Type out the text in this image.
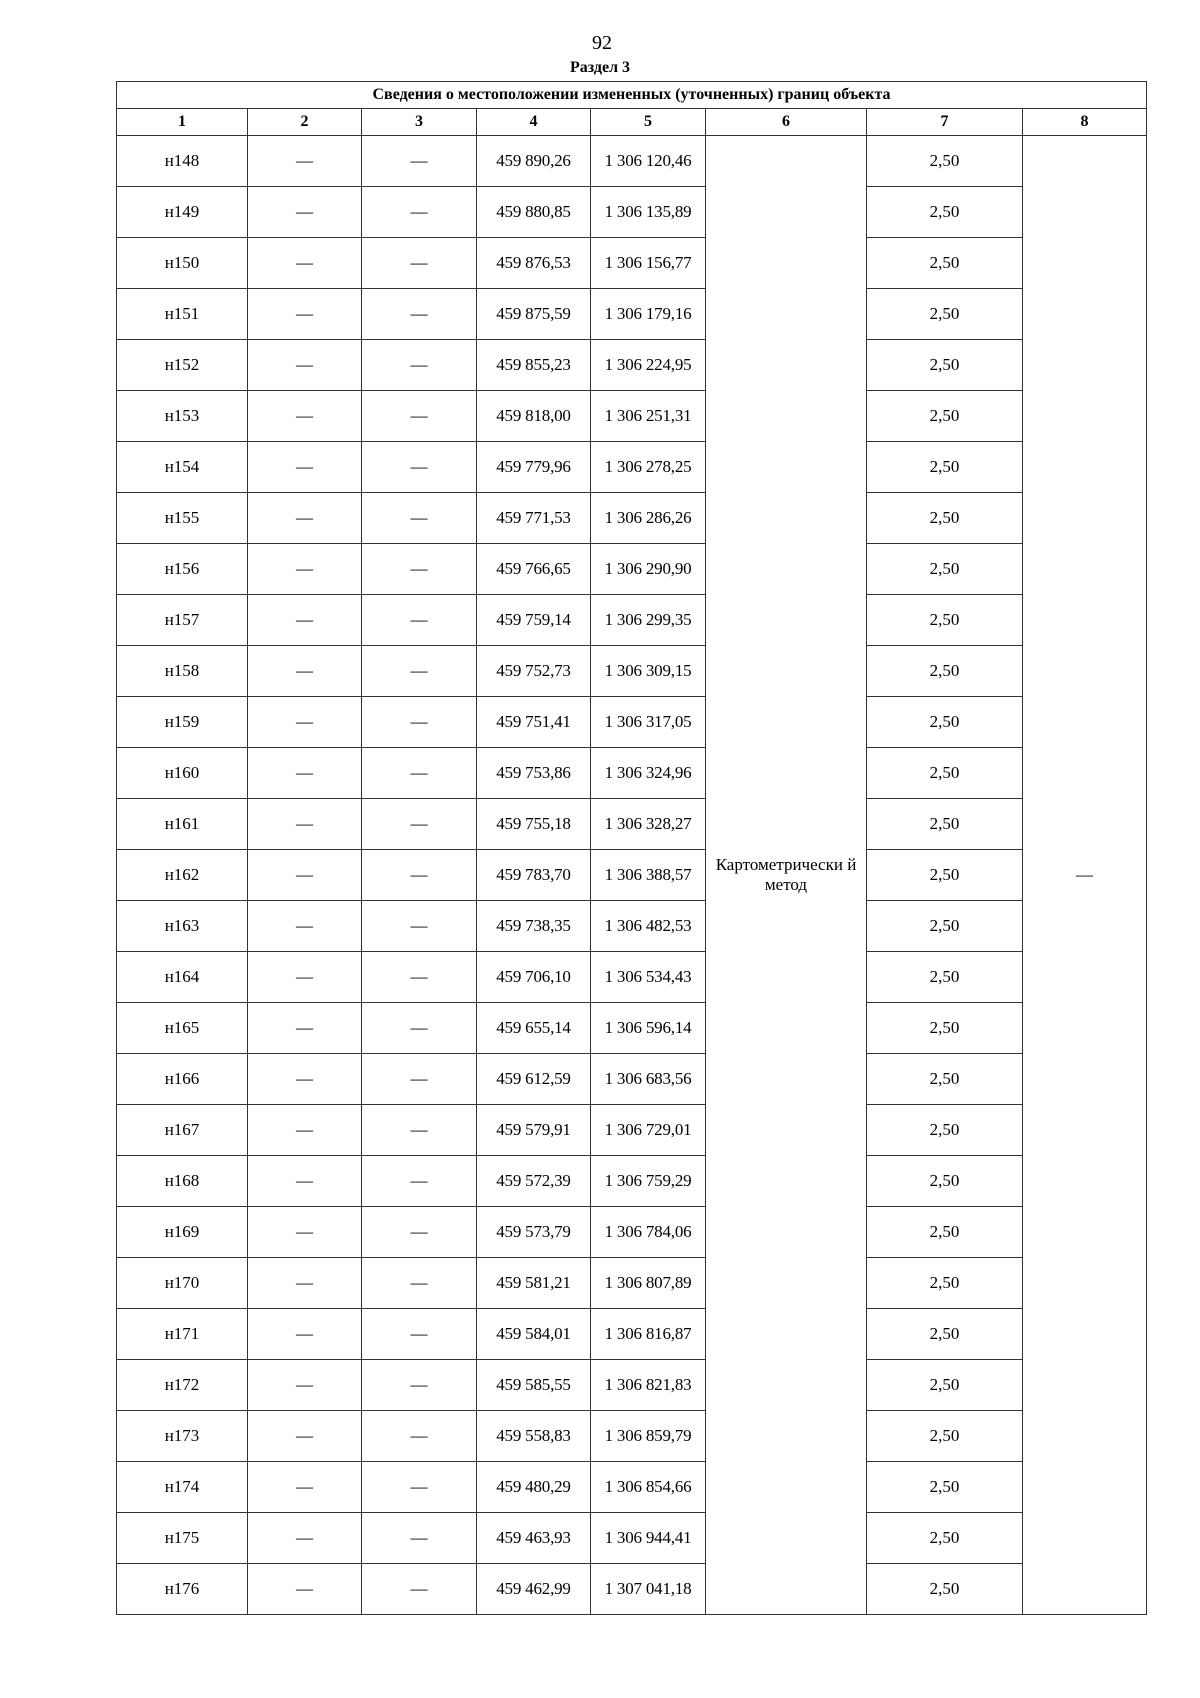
92
Раздел 3
Сведения о местоположении измененных (уточненных) границ объекта							
1	2	3	4	5	6	7	8
н148	—	—	459 890,26	1 306 120,46	Картометрически й метод	2,50	—
н149	—	—	459 880,85	1 306 135,89		2,50	
н150	—	—	459 876,53	1 306 156,77		2,50	
н151	—	—	459 875,59	1 306 179,16		2,50	
н152	—	—	459 855,23	1 306 224,95		2,50	
н153	—	—	459 818,00	1 306 251,31		2,50	
н154	—	—	459 779,96	1 306 278,25		2,50	
н155	—	—	459 771,53	1 306 286,26		2,50	
н156	—	—	459 766,65	1 306 290,90		2,50	
н157	—	—	459 759,14	1 306 299,35		2,50	
н158	—	—	459 752,73	1 306 309,15		2,50	
н159	—	—	459 751,41	1 306 317,05		2,50	
н160	—	—	459 753,86	1 306 324,96		2,50	
н161	—	—	459 755,18	1 306 328,27		2,50	
н162	—	—	459 783,70	1 306 388,57		2,50	
н163	—	—	459 738,35	1 306 482,53		2,50	
н164	—	—	459 706,10	1 306 534,43		2,50	
н165	—	—	459 655,14	1 306 596,14		2,50	
н166	—	—	459 612,59	1 306 683,56		2,50	
н167	—	—	459 579,91	1 306 729,01		2,50	
н168	—	—	459 572,39	1 306 759,29		2,50	
н169	—	—	459 573,79	1 306 784,06		2,50	
н170	—	—	459 581,21	1 306 807,89		2,50	
н171	—	—	459 584,01	1 306 816,87		2,50	
н172	—	—	459 585,55	1 306 821,83		2,50	
н173	—	—	459 558,83	1 306 859,79		2,50	
н174	—	—	459 480,29	1 306 854,66		2,50	
н175	—	—	459 463,93	1 306 944,41		2,50	
н176	—	—	459 462,99	1 307 041,18		2,50	
